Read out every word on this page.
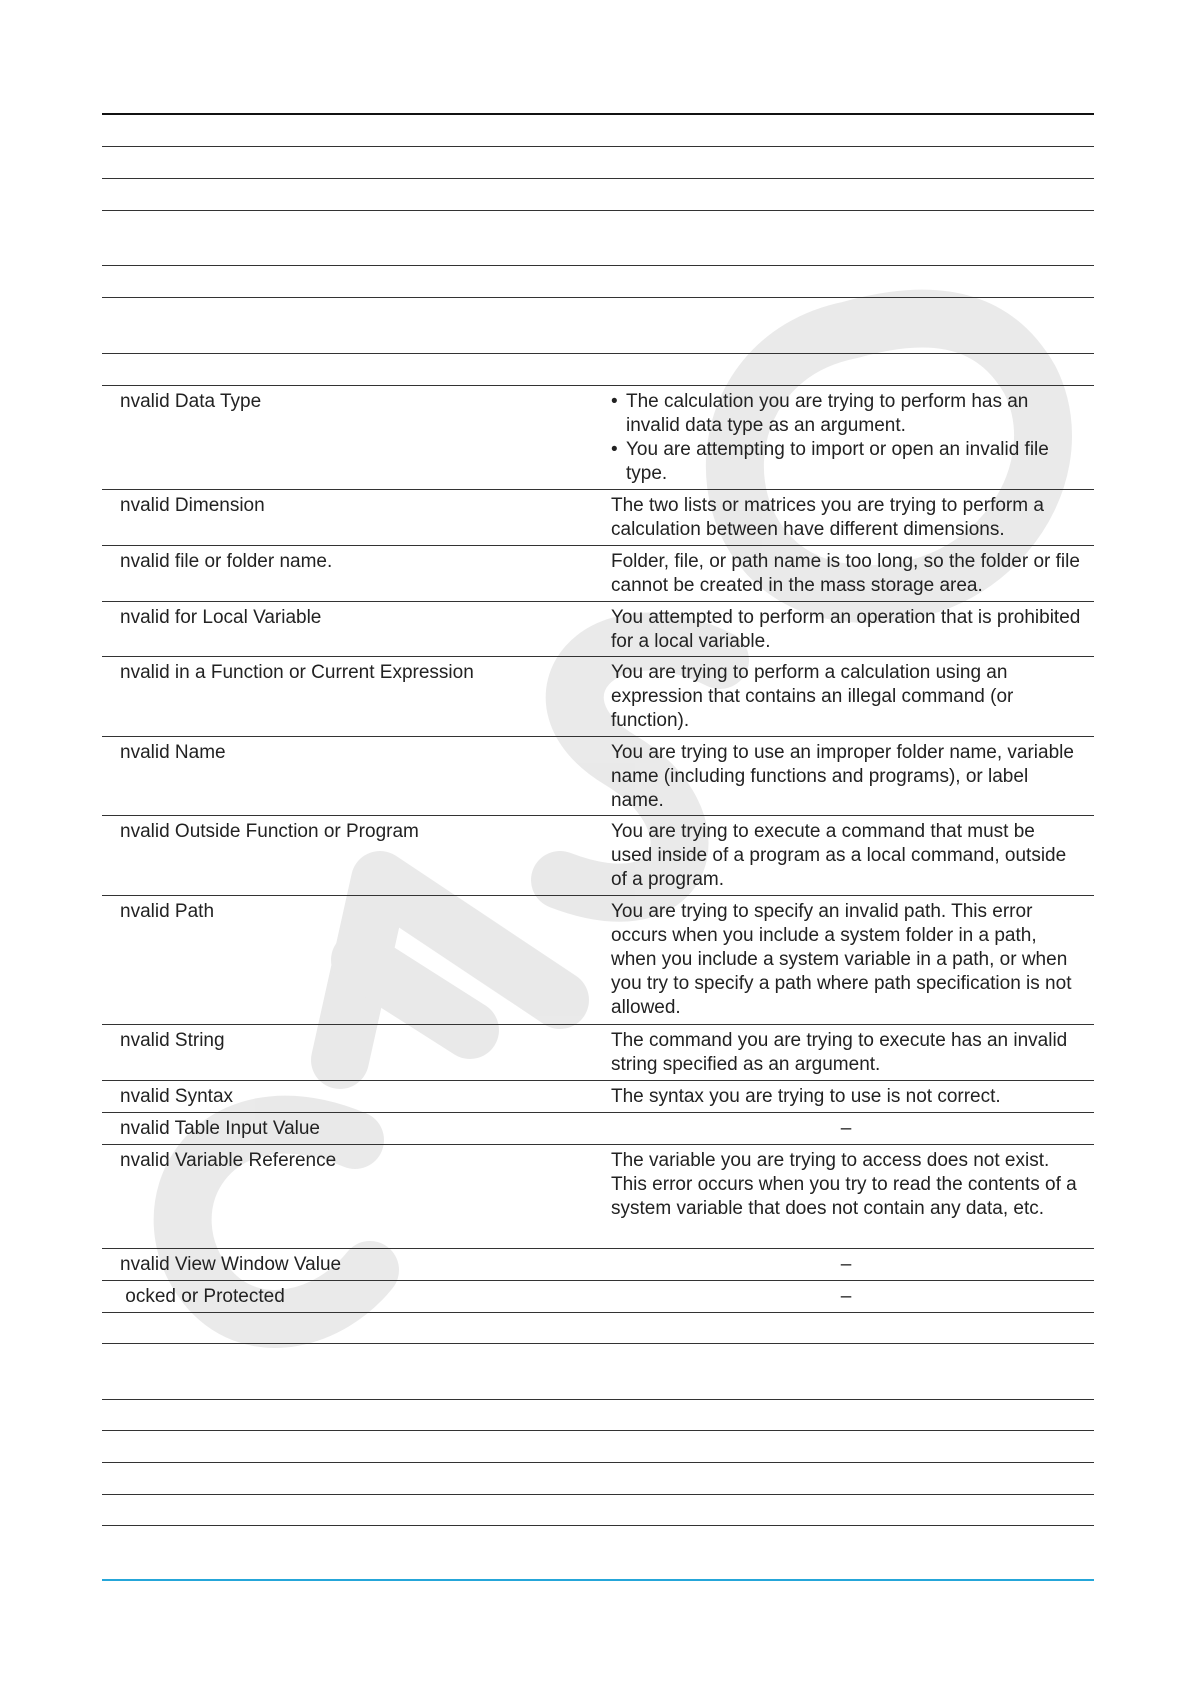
nvalid Data Type
•	The calculation you are trying to perform has an invalid data type as an argument.
• You are attempting to import or open an invalid file type.
nvalid Dimension	The two lists or matrices you are trying to perform a calculation between have different dimensions.
nvalid file or folder name.	Folder, file, or path name is too long, so the folder or file cannot be created in the mass storage area.
nvalid for Local Variable	You attempted to perform an operation that is prohibited for a local variable.
nvalid in a Function or Current Expression	You are trying to perform a calculation using an expression that contains an illegal command (or function).
nvalid Name	You are trying to use an improper folder name, variable name (including functions and programs), or label name.
nvalid Outside Function or Program	You are trying to execute a command that must be used inside of a program as a local command, outside of a program.
nvalid Path	You are trying to specify an invalid path. This error occurs when you include a system folder in a path, when you include a system variable in a path, or when you try to specify a path where path specification is not allowed.
nvalid String	The command you are trying to execute has an invalid string specified as an argument.
nvalid Syntax	The syntax you are trying to use is not correct.
nvalid Table Input Value	–
nvalid Variable Reference	The variable you are trying to access does not exist. This error occurs when you try to read the contents of a system variable that does not contain any data, etc.
nvalid View Window Value	–
ocked or Protected	–
